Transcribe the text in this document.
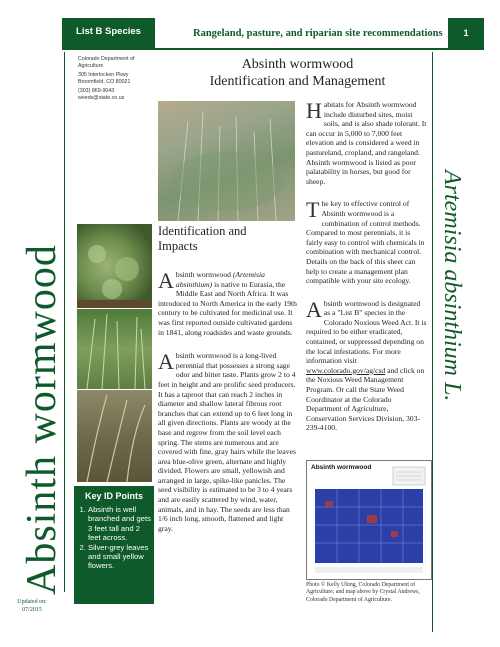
List B Species	Rangeland, pasture, and riparian site recommendations	1
Absinth wormwood
Updated on: 07/2015
Artemisia absinthium L.
Colorado Department of Agriculture
305 Interlocken Pkwy
Broomfield, CO 80021
(303) 869-9043
weeds@state.co.us
Absinth wormwood
Identification and Management
Identification and
Impacts

Absinth wormwood (Artemisia absinthium) is native to Eurasia, the Middle East and North Africa. It was introduced to North America in the early 19th century to be cultivated for medicinal use. It was first reported outside cultivated gardens in 1841, along roadsides and waste grounds.

Absinth wormwood is a long-lived perennial that possesses a strong sage odor and bitter taste. Plants grow 2 to 4 feet in height and are prolific seed producers. It has a taproot that can reach 2 inches in diameter and shallow lateral fibrous root branches that can extend up to 6 feet long in all given directions. Plants are woody at the base and regrow from the soil level each spring. The stems are numerous and are covered with fine, gray hairs while the leaves area blue-olive green, alternate and highly divided. Flowers are small, yellowish and arranged in large, spike-like panicles. The seed visibility is estimated to be 3 to 4 years and are easily scattered by wind, water, animals, and in hay. The seeds are less than 1/6 inch long, smooth, flattened and light gray.

Habitats for Absinth wormwood include disturbed sites, moist soils, and is also shade tolerant. It can occur in 5,000 to 7,000 feet elevation and is considered a weed in pastureland, cropland, and rangeland. Absinth wormwood is listed as poor palatability in horses, but good for sheep.

The key to effective control of Absinth wormwood is a combination of control methods. Compared to most perennials, it is fairly easy to control with chemicals in combination with mechanical control. Details on the back of this sheet can help to create a management plan compatible with your site ecology.

Absinth wormwood is designated as a "List B" species in the Colorado Noxious Weed Act. It is required to be either eradicated, contained, or suppressed depending on the local infestations. For more information visit www.colorado.gov/ag/csd and click on the Noxious Weed Management Program. Or call the State Weed Coordinator at the Colorado Department of Agriculture, Conservation Services Division, 303-239-4100.

Key ID Points
1. Absinth is well branched and gets 3 feet tall and 2 feet across.
2. Silver-grey leaves and small yellow flowers.
Absinth wormwood
Photo © Kelly Uhing, Colorado Department of Agriculture; and map above by Crystal Andrews, Colorado Department of Agriculture.
